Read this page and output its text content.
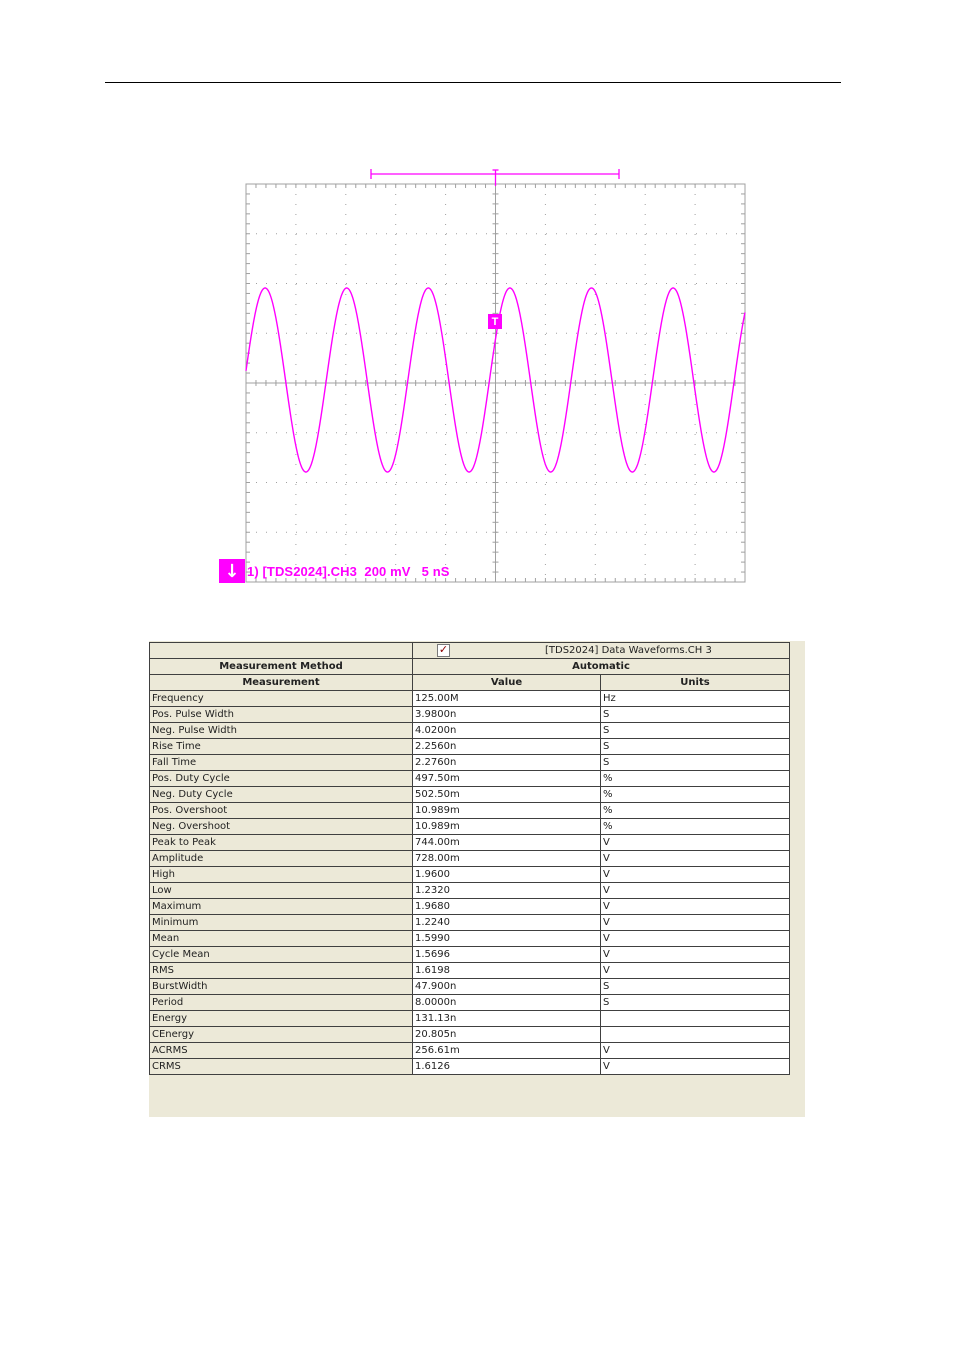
T
↓ 1) [TDS2024].CH3  200 mV   5 nS
	✓ [TDS2024] Data Waveforms.CH 3	
Measurement Method	Automatic	
Measurement	Value	Units
Frequency	125.00M	Hz
Pos. Pulse Width	3.9800n	S
Neg. Pulse Width	4.0200n	S
Rise Time	2.2560n	S
Fall Time	2.2760n	S
Pos. Duty Cycle	497.50m	%
Neg. Duty Cycle	502.50m	%
Pos. Overshoot	10.989m	%
Neg. Overshoot	10.989m	%
Peak to Peak	744.00m	V
Amplitude	728.00m	V
High	1.9600	V
Low	1.2320	V
Maximum	1.9680	V
Minimum	1.2240	V
Mean	1.5990	V
Cycle Mean	1.5696	V
RMS	1.6198	V
BurstWidth	47.900n	S
Period	8.0000n	S
Energy	131.13n	
CEnergy	20.805n	
ACRMS	256.61m	V
CRMS	1.6126	V
